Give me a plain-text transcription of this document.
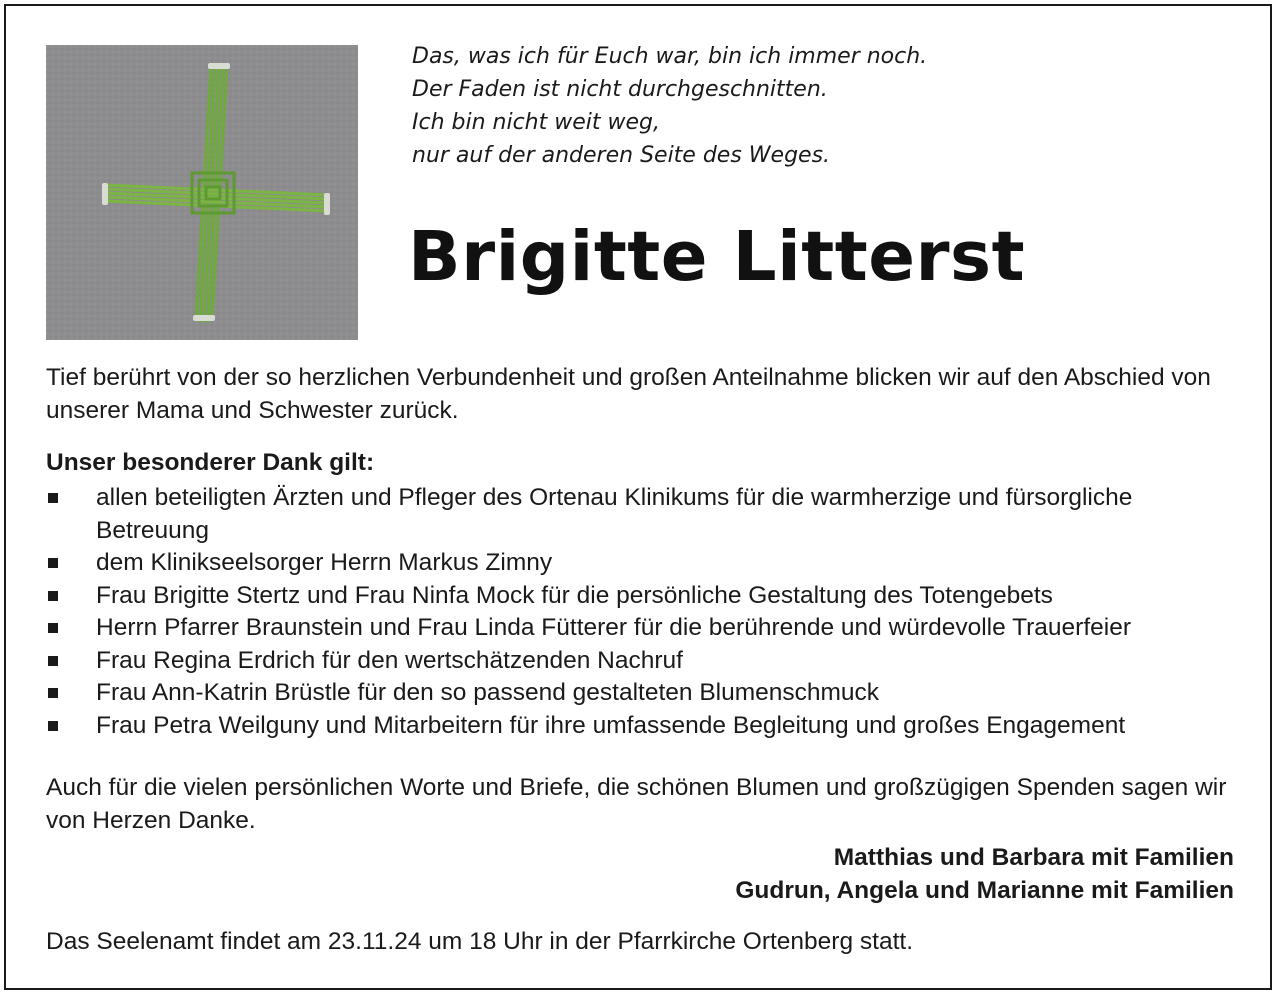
Das, was ich für Euch war, bin ich immer noch.
Der Faden ist nicht durchgeschnitten.
Ich bin nicht weit weg,
nur auf der anderen Seite des Weges.
Brigitte Litterst
Tief berührt von der so herzlichen Verbundenheit und großen Anteilnahme blicken wir auf den Abschied von unserer Mama und Schwester zurück.
Unser besonderer Dank gilt:
allen beteiligten Ärzten und Pfleger des Ortenau Klinikums für die warmherzige und fürsorgliche Betreuung
dem Klinikseelsorger Herrn Markus Zimny
Frau Brigitte Stertz und Frau Ninfa Mock für die persönliche Gestaltung des Totengebets
Herrn Pfarrer Braunstein und Frau Linda Fütterer für die berührende und würdevolle Trauerfeier
Frau Regina Erdrich für den wertschätzenden Nachruf
Frau Ann-Katrin Brüstle für den so passend gestalteten Blumenschmuck
Frau Petra Weilguny und Mitarbeitern für ihre umfassende Begleitung und großes Engagement
Auch für die vielen persönlichen Worte und Briefe, die schönen Blumen und großzügigen Spenden sagen wir von Herzen Danke.
Matthias und Barbara mit Familien
Gudrun, Angela und Marianne mit Familien
Das Seelenamt findet am 23.11.24 um 18 Uhr in der Pfarrkirche Ortenberg statt.
